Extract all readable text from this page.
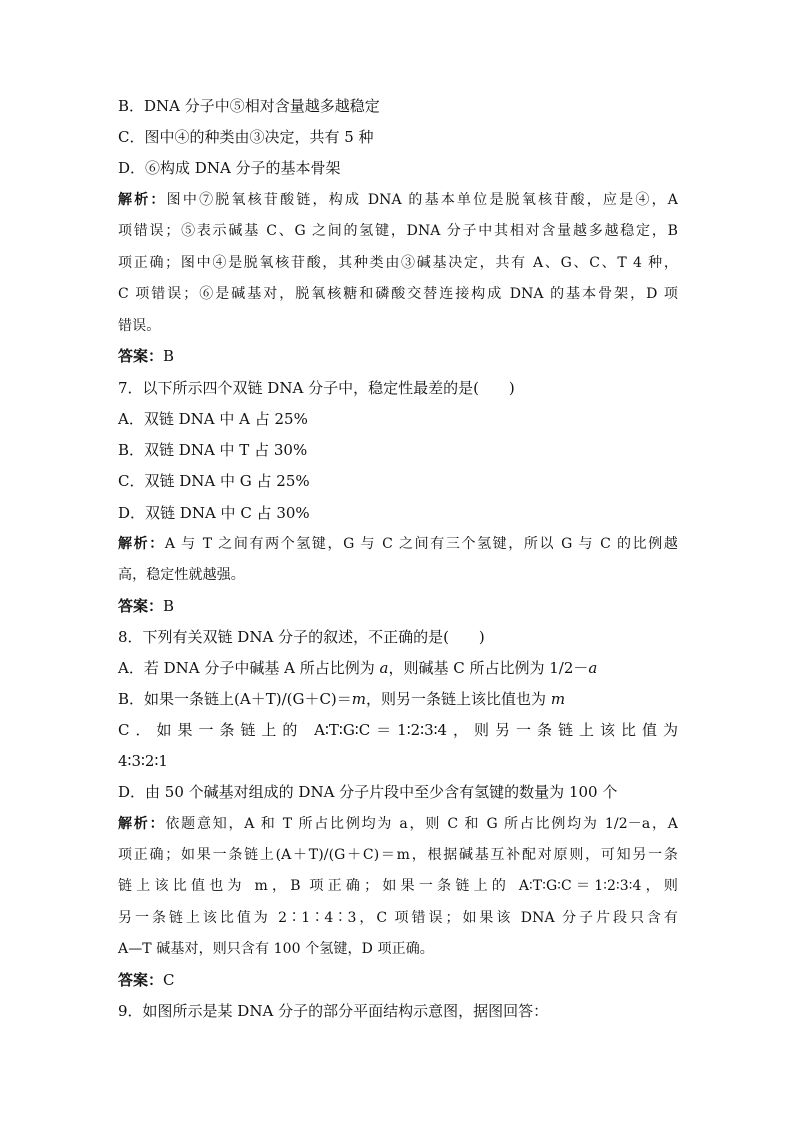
B．DNA 分子中⑤相对含量越多越稳定
C．图中④的种类由③决定，共有 5 种
D．⑥构成 DNA 分子的基本骨架
解析：图中⑦脱氧核苷酸链，构成 DNA 的基本单位是脱氧核苷酸，应是④，A
项错误；⑤表示碱基 C、G 之间的氢键，DNA 分子中其相对含量越多越稳定，B
项正确；图中④是脱氧核苷酸，其种类由③碱基决定，共有 A、G、C、T 4 种，
C 项错误；⑥是碱基对，脱氧核糖和磷酸交替连接构成 DNA 的基本骨架，D 项
错误。
答案：B
7．以下所示四个双链 DNA 分子中，稳定性最差的是(　　)
A．双链 DNA 中 A 占 25%
B．双链 DNA 中 T 占 30%
C．双链 DNA 中 G 占 25%
D．双链 DNA 中 C 占 30%
解析：A 与 T 之间有两个氢键，G 与 C 之间有三个氢键，所以 G 与 C 的比例越
高，稳定性就越强。
答案：B
8．下列有关双链 DNA 分子的叙述，不正确的是(　　)
A．若 DNA 分子中碱基 A 所占比例为 a，则碱基 C 所占比例为 1/2－a
B．如果一条链上(A＋T)/(G＋C)＝m，则另一条链上该比值也为 m
C．如果一条链上的 A∶T∶G∶C＝1∶2∶3∶4，则另一条链上该比值为
4∶3∶2∶1
D．由 50 个碱基对组成的 DNA 分子片段中至少含有氢键的数量为 100 个
解析：依题意知，A 和 T 所占比例均为 a，则 C 和 G 所占比例均为 1/2－a，A
项正确；如果一条链上(A＋T)/(G＋C)＝m，根据碱基互补配对原则，可知另一条
链上该比值也为 m，B 项正确；如果一条链上的 A∶T∶G∶C＝1∶2∶3∶4，则
另一条链上该比值为 2∶1∶4∶3，C 项错误；如果该 DNA 分子片段只含有
A—T 碱基对，则只含有 100 个氢键，D 项正确。
答案：C
9．如图所示是某 DNA 分子的部分平面结构示意图，据图回答：
